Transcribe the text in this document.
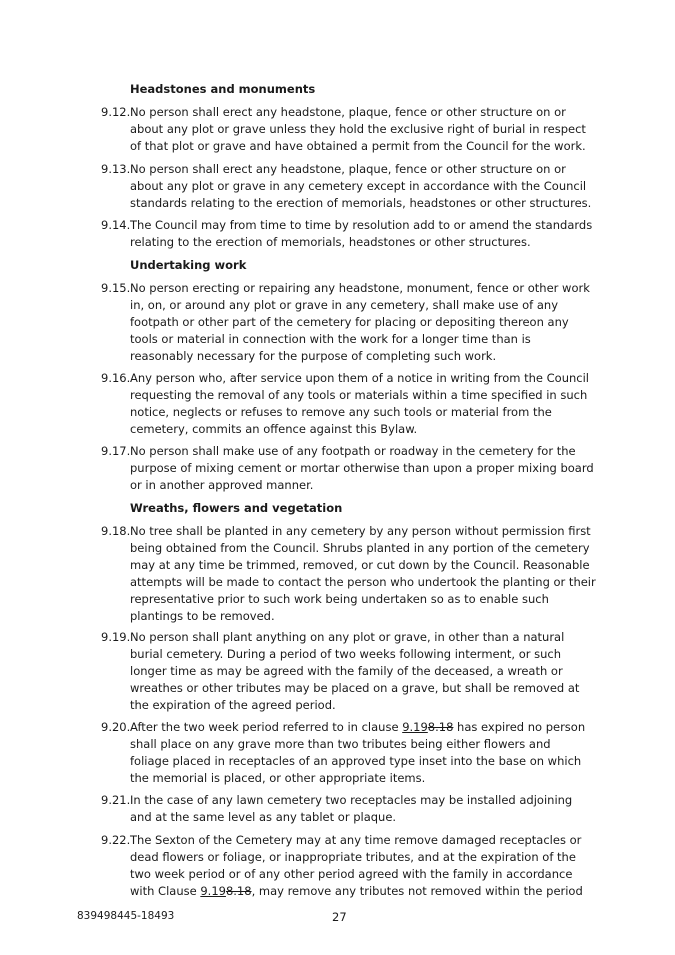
Headstones and monuments
9.12. No person shall erect any headstone, plaque, fence or other structure on or
about any plot or grave unless they hold the exclusive right of burial in respect
of that plot or grave and have obtained a permit from the Council for the work.
9.13. No person shall erect any headstone, plaque, fence or other structure on or
about any plot or grave in any cemetery except in accordance with the Council
standards relating to the erection of memorials, headstones or other structures.
9.14. The Council may from time to time by resolution add to or amend the standards
relating to the erection of memorials, headstones or other structures.
Undertaking work
9.15. No person erecting or repairing any headstone, monument, fence or other work
in, on, or around any plot or grave in any cemetery, shall make use of any
footpath or other part of the cemetery for placing or depositing thereon any
tools or material in connection with the work for a longer time than is
reasonably necessary for the purpose of completing such work.
9.16. Any person who, after service upon them of a notice in writing from the Council
requesting the removal of any tools or materials within a time specified in such
notice, neglects or refuses to remove any such tools or material from the
cemetery, commits an offence against this Bylaw.
9.17. No person shall make use of any footpath or roadway in the cemetery for the
purpose of mixing cement or mortar otherwise than upon a proper mixing board
or in another approved manner.
Wreaths, flowers and vegetation
9.18. No tree shall be planted in any cemetery by any person without permission first
being obtained from the Council. Shrubs planted in any portion of the cemetery
may at any time be trimmed, removed, or cut down by the Council. Reasonable
attempts will be made to contact the person who undertook the planting or their
representative prior to such work being undertaken so as to enable such
plantings to be removed.
9.19. No person shall plant anything on any plot or grave, in other than a natural
burial cemetery. During a period of two weeks following interment, or such
longer time as may be agreed with the family of the deceased, a wreath or
wreathes or other tributes may be placed on a grave, but shall be removed at
the expiration of the agreed period.
9.20. After the two week period referred to in clause 9.198.18 has expired no person
shall place on any grave more than two tributes being either flowers and
foliage placed in receptacles of an approved type inset into the base on which
the memorial is placed, or other appropriate items.
9.21. In the case of any lawn cemetery two receptacles may be installed adjoining
and at the same level as any tablet or plaque.
9.22. The Sexton of the Cemetery may at any time remove damaged receptacles or
dead flowers or foliage, or inappropriate tributes, and at the expiration of the
two week period or of any other period agreed with the family in accordance
with Clause 9.198.18, may remove any tributes not removed within the period
839498445-18493	27
